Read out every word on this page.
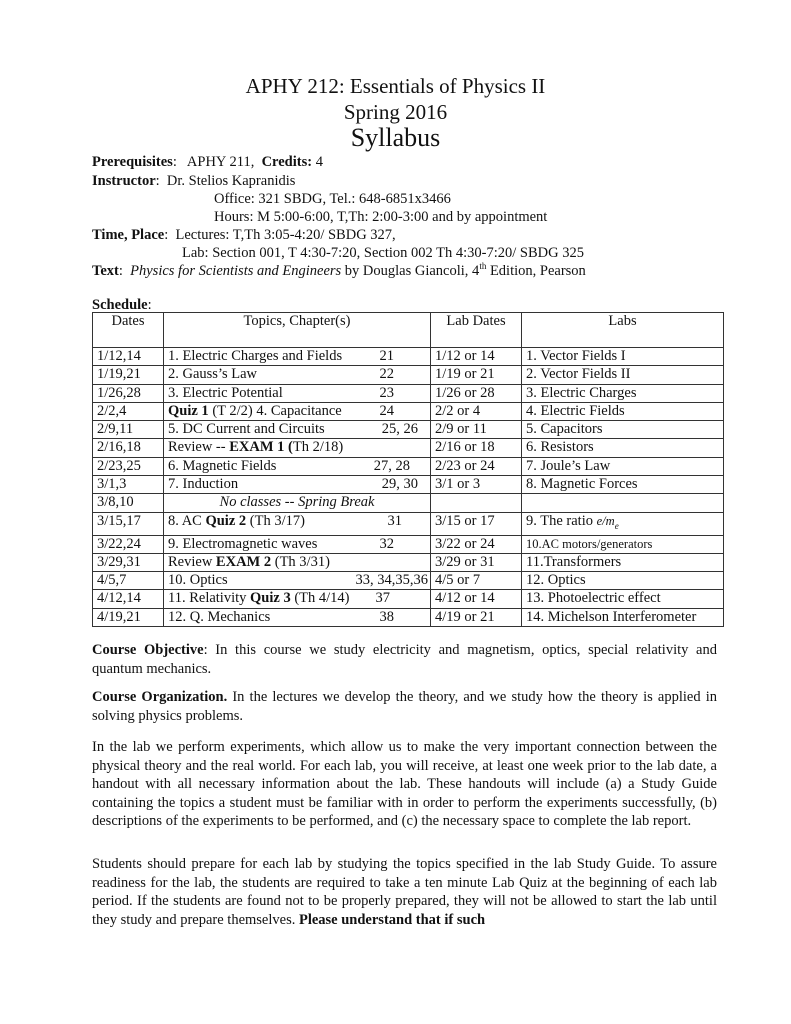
APHY 212: Essentials of Physics II
Spring 2016
Syllabus
Prerequisites:   APHY 211, Credits: 4
Instructor:  Dr. Stelios Kapranidis
Office: 321 SBDG, Tel.: 648-6851x3466
Hours: M 5:00-6:00, T,Th: 2:00-3:00 and by appointment
Time, Place:  Lectures: T,Th 3:05-4:20/ SBDG 327,
Lab: Section 001, T 4:30-7:20, Section 002 Th 4:30-7:20/ SBDG 325
Text:  Physics for Scientists and Engineers by Douglas Giancoli, 4th Edition, Pearson
Schedule:
Dates	Topics, Chapter(s)	Lab Dates	Labs
1/12,14	1. Electric Charges and Fields 21	1/12 or 14	1. Vector Fields I
1/19,21	2. Gauss’s Law 22	1/19 or 21	2. Vector Fields II
1/26,28	3. Electric Potential 23	1/26 or 28	3. Electric Charges
2/2,4	Quiz 1 (T 2/2) 4. Capacitance 24	2/2 or 4	4. Electric Fields
2/9,11	5. DC Current and Circuits 25, 26	2/9 or 11	5. Capacitors
2/16,18	Review -- EXAM 1 (Th 2/18)	2/16 or 18	6. Resistors
2/23,25	6. Magnetic Fields 27, 28	2/23 or 24	7. Joule’s Law
3/1,3	7. Induction 29, 30	3/1 or 3	8. Magnetic Forces
3/8,10	No classes -- Spring Break		

3/15,17	8. AC Quiz 2 (Th 3/17) 31	3/15 or 17	9. The ratio $e/m_e$
3/22,24	9. Electromagnetic waves 32	3/22 or 24	10.AC motors/generators
3/29,31	Review EXAM 2 (Th 3/31)	3/29 or 31	11.Transformers
4/5,7	10. Optics 33, 34,35,36	4/5 or 7	12. Optics
4/12,14	11. Relativity Quiz 3 (Th 4/14) 37	4/12 or 14	13. Photoelectric effect
4/19,21	12. Q. Mechanics 38	4/19 or 21	14. Michelson Interferometer
Course Objective: In this course we study electricity and magnetism, optics, special relativity and quantum mechanics.
Course Organization. In the lectures we develop the theory, and we study how the theory is applied in solving physics problems.
In the lab we perform experiments, which allow us to make the very important connection between the physical theory and the real world. For each lab, you will receive, at least one week prior to the lab date, a handout with all necessary information about the lab. These handouts will include (a) a Study Guide containing the topics a student must be familiar with in order to perform the experiments successfully, (b) descriptions of the experiments to be performed, and (c) the necessary space to complete the lab report.
Students should prepare for each lab by studying the topics specified in the lab Study Guide. To assure readiness for the lab, the students are required to take a ten minute Lab Quiz at the beginning of each lab period. If the students are found not to be properly prepared, they will not be allowed to start the lab until they study and prepare themselves. Please understand that if such
